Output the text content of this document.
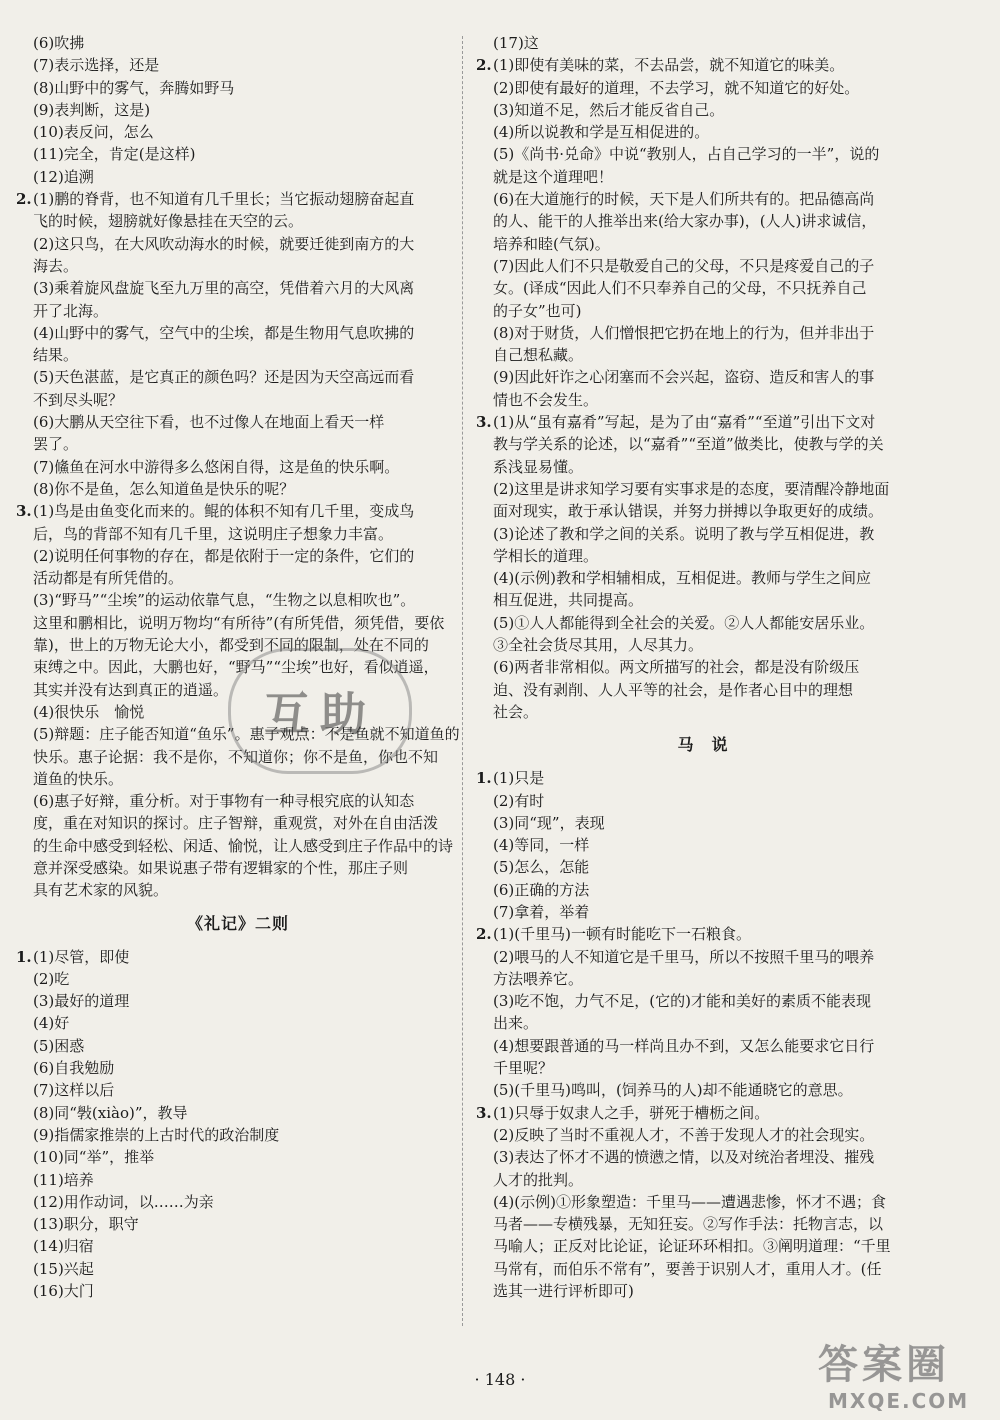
(6)吹拂
(7)表示选择，还是
(8)山野中的雾气，奔腾如野马
(9)表判断，这是)
(10)表反问，怎么
(11)完全，肯定(是这样)
(12)追溯
2. (1)鹏的脊背，也不知道有几千里长；当它振动翅膀奋起直
飞的时候，翅膀就好像悬挂在天空的云。
(2)这只鸟，在大风吹动海水的时候，就要迁徙到南方的大
海去。
(3)乘着旋风盘旋飞至九万里的高空，凭借着六月的大风离
开了北海。
(4)山野中的雾气，空气中的尘埃，都是生物用气息吹拂的
结果。
(5)天色湛蓝，是它真正的颜色吗？还是因为天空高远而看
不到尽头呢？
(6)大鹏从天空往下看，也不过像人在地面上看天一样
罢了。
(7)鯈鱼在河水中游得多么悠闲自得，这是鱼的快乐啊。
(8)你不是鱼，怎么知道鱼是快乐的呢？
3. (1)鸟是由鱼变化而来的。鲲的体积不知有几千里，变成鸟
后，鸟的背部不知有几千里，这说明庄子想象力丰富。
(2)说明任何事物的存在，都是依附于一定的条件，它们的
活动都是有所凭借的。
(3)“野马”“尘埃”的运动依靠气息，“生物之以息相吹也”。
这里和鹏相比，说明万物均“有所待”(有所凭借，须凭借，要依
靠)，世上的万物无论大小，都受到不同的限制，处在不同的
束缚之中。因此，大鹏也好，“野马”“尘埃”也好，看似逍遥，
其实并没有达到真正的逍遥。
(4)很快乐　愉悦
(5)辩题：庄子能否知道“鱼乐”。惠子观点：不是鱼就不知道鱼的
快乐。惠子论据：我不是你，不知道你；你不是鱼，你也不知
道鱼的快乐。
(6)惠子好辩，重分析。对于事物有一种寻根究底的认知态
度，重在对知识的探讨。庄子智辩，重观赏，对外在自由活泼
的生命中感受到轻松、闲适、愉悦，让人感受到庄子作品中的诗
意并深受感染。如果说惠子带有逻辑家的个性，那庄子则
具有艺术家的风貌。
《礼记》二则
1. (1)尽管，即使
(2)吃
(3)最好的道理
(4)好
(5)困惑
(6)自我勉励
(7)这样以后
(8)同“斅(xiào)”，教导
(9)指儒家推崇的上古时代的政治制度
(10)同“举”，推举
(11)培养
(12)用作动词，以……为亲
(13)职分，职守
(14)归宿
(15)兴起
(16)大门
(17)这
2. (1)即使有美味的菜，不去品尝，就不知道它的味美。
(2)即使有最好的道理，不去学习，就不知道它的好处。
(3)知道不足，然后才能反省自己。
(4)所以说教和学是互相促进的。
(5)《尚书·兑命》中说“教别人，占自己学习的一半”，说的
就是这个道理吧！
(6)在大道施行的时候，天下是人们所共有的。把品德高尚
的人、能干的人推举出来(给大家办事)，(人人)讲求诚信，
培养和睦(气氛)。
(7)因此人们不只是敬爱自己的父母，不只是疼爱自己的子
女。(译成“因此人们不只奉养自己的父母，不只抚养自己
的子女”也可)
(8)对于财货，人们憎恨把它扔在地上的行为，但并非出于
自己想私藏。
(9)因此奸诈之心闭塞而不会兴起，盗窃、造反和害人的事
情也不会发生。
3. (1)从“虽有嘉肴”写起，是为了由“嘉肴”“至道”引出下文对
教与学关系的论述，以“嘉肴”“至道”做类比，使教与学的关
系浅显易懂。
(2)这里是讲求知学习要有实事求是的态度，要清醒冷静地面
面对现实，敢于承认错误，并努力拼搏以争取更好的成绩。
(3)论述了教和学之间的关系。说明了教与学互相促进，教
学相长的道理。
(4)(示例)教和学相辅相成，互相促进。教师与学生之间应
相互促进，共同提高。
(5)①人人都能得到全社会的关爱。②人人都能安居乐业。
③全社会货尽其用，人尽其力。
(6)两者非常相似。两文所描写的社会，都是没有阶级压
迫、没有剥削、人人平等的社会，是作者心目中的理想
社会。
马　说
1. (1)只是
(2)有时
(3)同“现”，表现
(4)等同，一样
(5)怎么，怎能
(6)正确的方法
(7)拿着，举着
2. (1)(千里马)一顿有时能吃下一石粮食。
(2)喂马的人不知道它是千里马，所以不按照千里马的喂养
方法喂养它。
(3)吃不饱，力气不足，(它的)才能和美好的素质不能表现
出来。
(4)想要跟普通的马一样尚且办不到，又怎么能要求它日行
千里呢？
(5)(千里马)鸣叫，(饲养马的人)却不能通晓它的意思。
3. (1)只辱于奴隶人之手，骈死于槽枥之间。
(2)反映了当时不重视人才，不善于发现人才的社会现实。
(3)表达了怀才不遇的愤懑之情，以及对统治者埋没、摧残
人才的批判。
(4)(示例)①形象塑造：千里马——遭遇悲惨，怀才不遇；食
马者——专横残暴，无知狂妄。②写作手法：托物言志，以
马喻人；正反对比论证，论证环环相扣。③阐明道理：“千里
马常有，而伯乐不常有”，要善于识别人才，重用人才。(任
选其一进行评析即可)
互助
· 148 ·	答案圈
MXQE.COM
